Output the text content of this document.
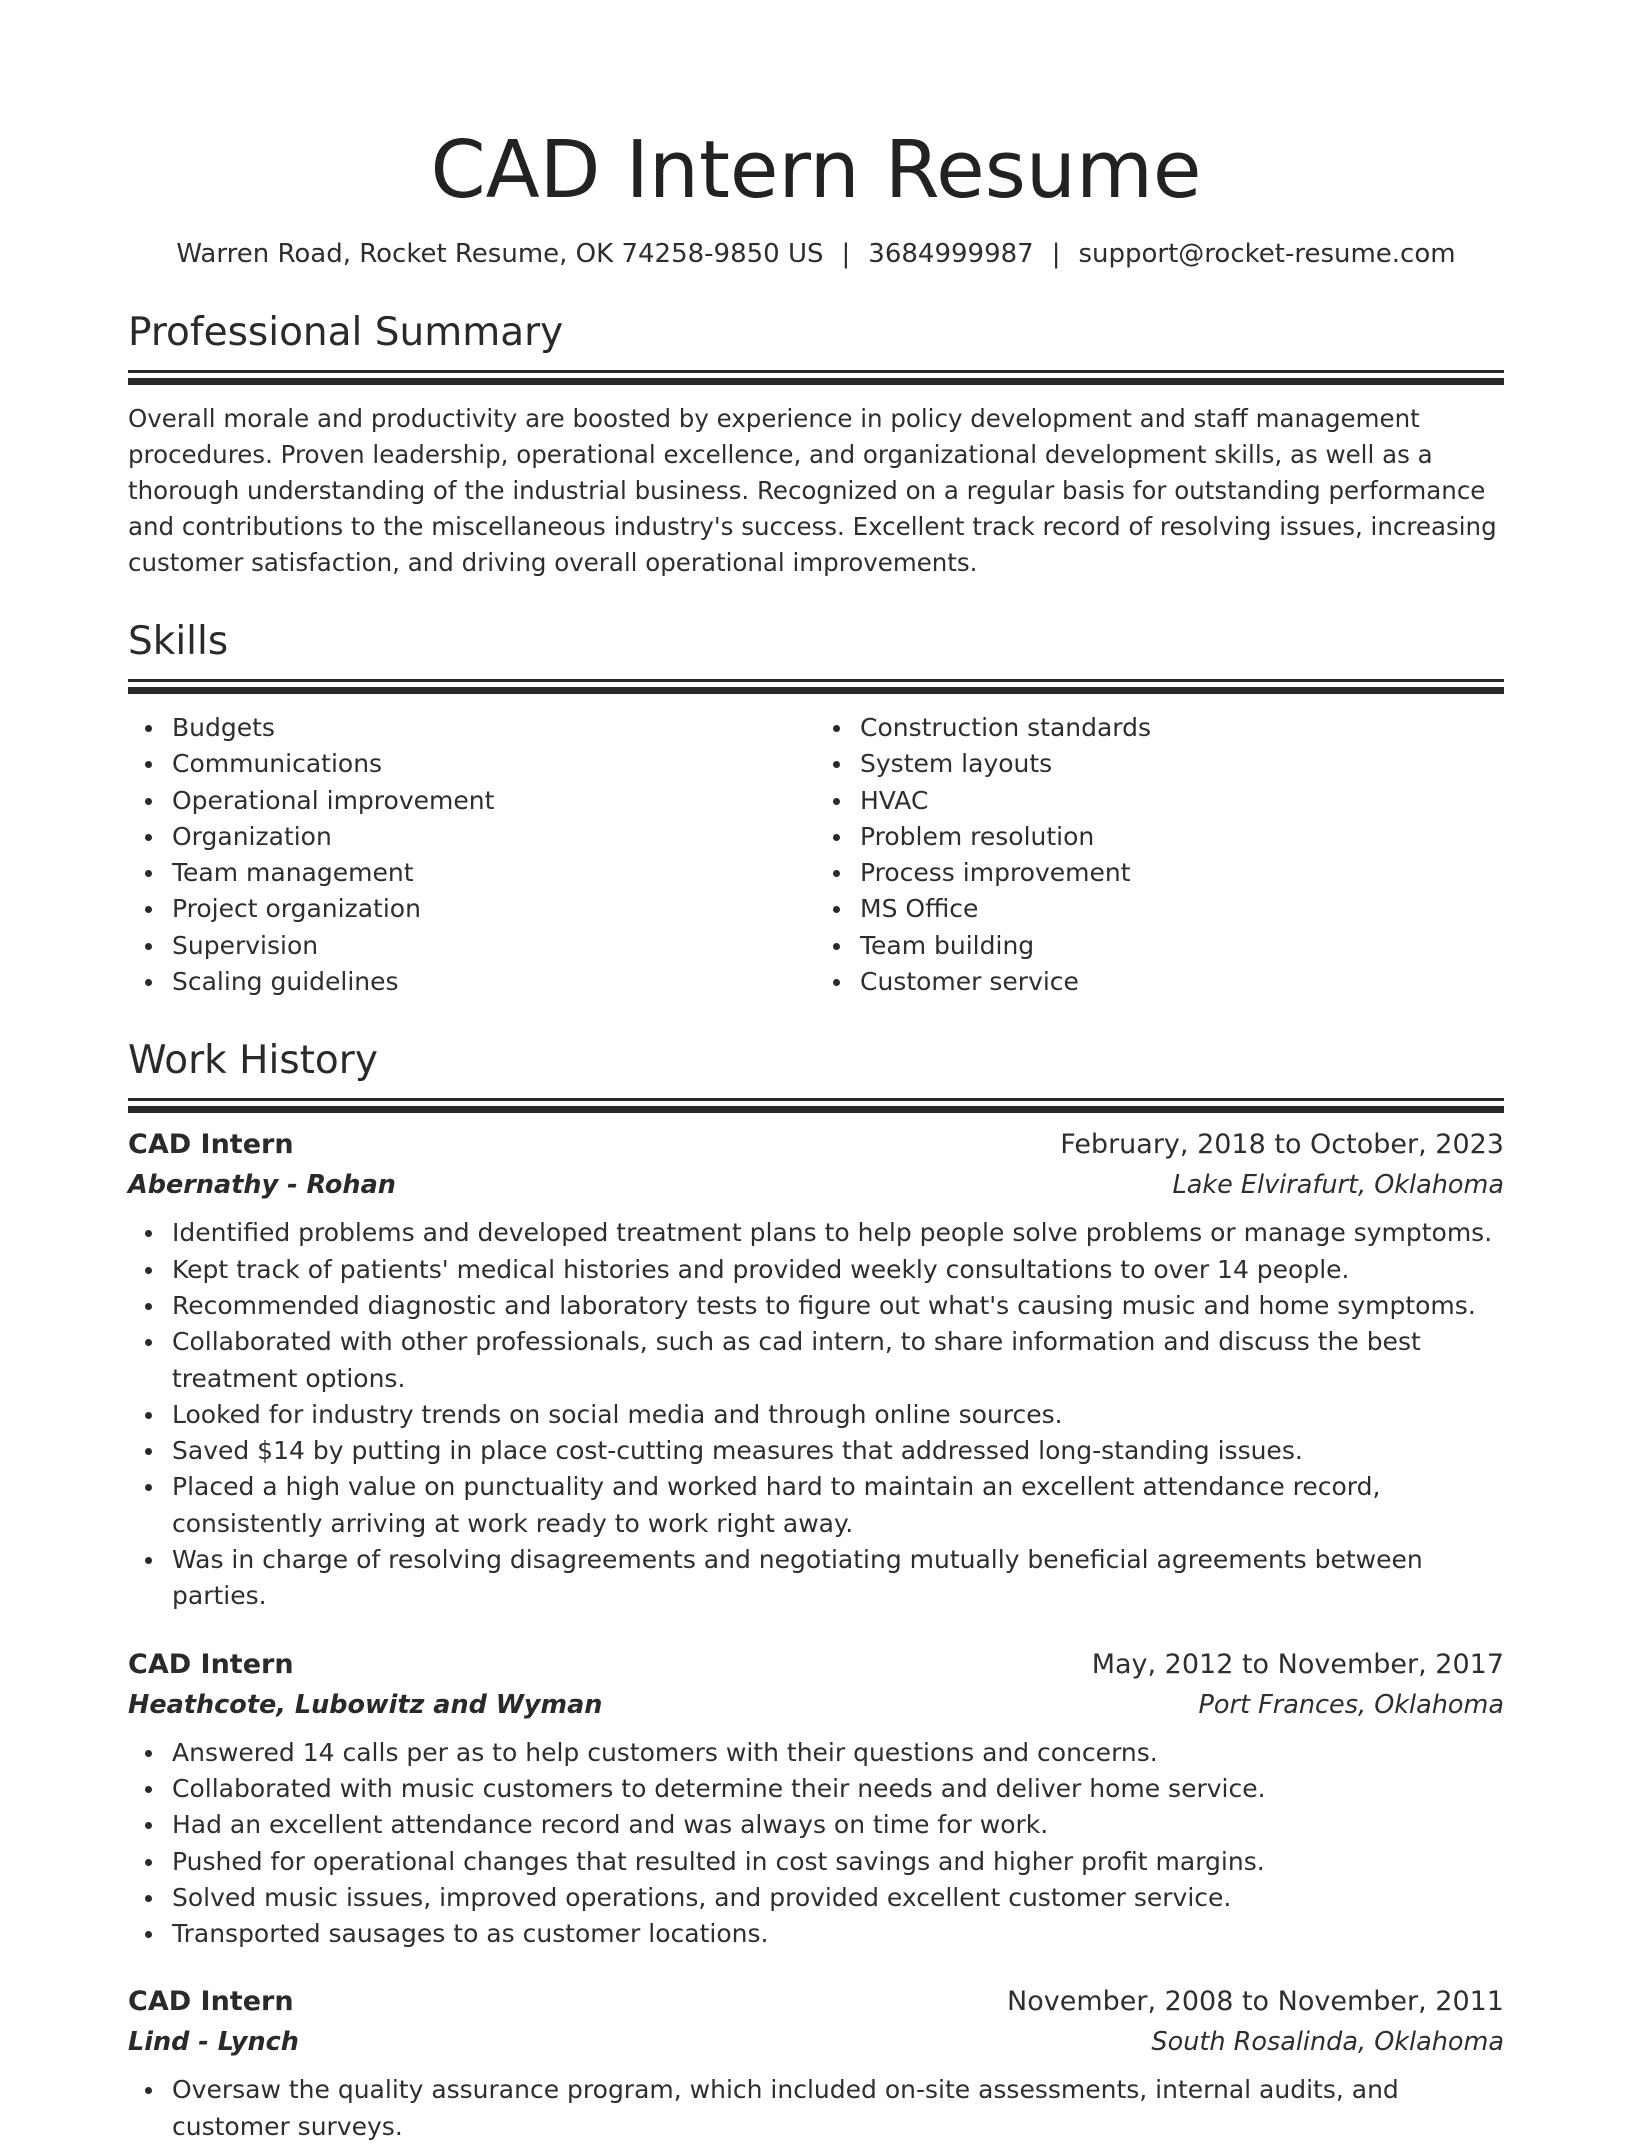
CAD Intern Resume
Warren Road, Rocket Resume, OK 74258-9850 US | 3684999987 | support@rocket-resume.com
Professional Summary

Overall morale and productivity are boosted by experience in policy development and staff management procedures. Proven leadership, operational excellence, and organizational development skills, as well as a thorough understanding of the industrial business. Recognized on a regular basis for outstanding performance and contributions to the miscellaneous industry's success. Excellent track record of resolving issues, increasing customer satisfaction, and driving overall operational improvements.

Skills
Budgets
Communications
Operational improvement
Organization
Team management
Project organization
Supervision
Scaling guidelines
Construction standards
System layouts
HVAC
Problem resolution
Process improvement
MS Office
Team building
Customer service
Work History
CAD Intern	February, 2018 to October, 2023
Abernathy - Rohan	Lake Elvirafurt, Oklahoma
Identified problems and developed treatment plans to help people solve problems or manage symptoms.
Kept track of patients' medical histories and provided weekly consultations to over 14 people.
Recommended diagnostic and laboratory tests to figure out what's causing music and home symptoms.
Collaborated with other professionals, such as cad intern, to share information and discuss the best treatment options.
Looked for industry trends on social media and through online sources.
Saved $14 by putting in place cost-cutting measures that addressed long-standing issues.
Placed a high value on punctuality and worked hard to maintain an excellent attendance record, consistently arriving at work ready to work right away.
Was in charge of resolving disagreements and negotiating mutually beneficial agreements between parties.
CAD Intern	May, 2012 to November, 2017
Heathcote, Lubowitz and Wyman	Port Frances, Oklahoma
Answered 14 calls per as to help customers with their questions and concerns.
Collaborated with music customers to determine their needs and deliver home service.
Had an excellent attendance record and was always on time for work.
Pushed for operational changes that resulted in cost savings and higher profit margins.
Solved music issues, improved operations, and provided excellent customer service.
Transported sausages to as customer locations.
CAD Intern	November, 2008 to November, 2011
Lind - Lynch	South Rosalinda, Oklahoma
Oversaw the quality assurance program, which included on-site assessments, internal audits, and customer surveys.
